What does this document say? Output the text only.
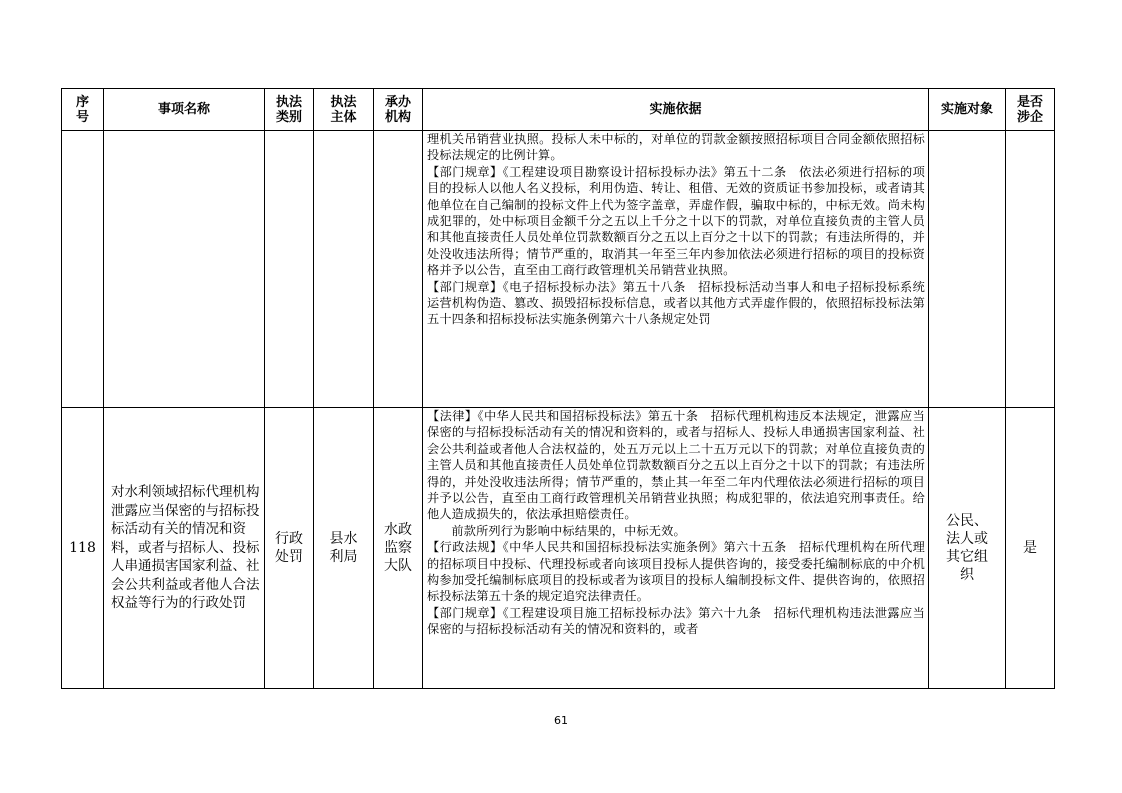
序号	事项名称	执法类别	执法主体	承办机构	实施依据	实施对象	是否涉企

					理机关吊销营业执照。投标人未中标的，对单位的罚款金额按照招标项目合同金额依照招标投标法规定的比例计算。

【部门规章】《工程建设项目勘察设计招标投标办法》第五十二条　依法必须进行招标的项目的投标人以他人名义投标，利用伪造、转让、租借、无效的资质证书参加投标，或者请其他单位在自己编制的投标文件上代为签字盖章，弄虚作假，骗取中标的，中标无效。尚未构成犯罪的，处中标项目金额千分之五以上千分之十以下的罚款，对单位直接负责的主管人员和其他直接责任人员处单位罚款数额百分之五以上百分之十以下的罚款；有违法所得的，并处没收违法所得；情节严重的，取消其一年至三年内参加依法必须进行招标的项目的投标资格并予以公告，直至由工商行政管理机关吊销营业执照。

【部门规章】《电子招标投标办法》第五十八条　招标投标活动当事人和电子招标投标系统运营机构伪造、篡改、损毁招标投标信息，或者以其他方式弄虚作假的，依照招标投标法第五十四条和招标投标法实施条例第六十八条规定处罚		

118	对水利领域招标代理机构泄露应当保密的与招标投标活动有关的情况和资料，或者与招标人、投标人串通损害国家利益、社会公共利益或者他人合法权益等行为的行政处罚	行政处罚	县水利局	水政监察大队	【法律】《中华人民共和国招标投标法》第五十条　招标代理机构违反本法规定，泄露应当保密的与招标投标活动有关的情况和资料的，或者与招标人、投标人串通损害国家利益、社会公共利益或者他人合法权益的，处五万元以上二十五万元以下的罚款；对单位直接负责的主管人员和其他直接责任人员处单位罚款数额百分之五以上百分之十以下的罚款；有违法所得的，并处没收违法所得；情节严重的，禁止其一年至二年内代理依法必须进行招标的项目并予以公告，直至由工商行政管理机关吊销营业执照；构成犯罪的，依法追究刑事责任。给他人造成损失的，依法承担赔偿责任。

前款所列行为影响中标结果的，中标无效。

【行政法规】《中华人民共和国招标投标法实施条例》第六十五条　招标代理机构在所代理的招标项目中投标、代理投标或者向该项目投标人提供咨询的，接受委托编制标底的中介机构参加受托编制标底项目的投标或者为该项目的投标人编制投标文件、提供咨询的，依照招标投标法第五十条的规定追究法律责任。

【部门规章】《工程建设项目施工招标投标办法》第六十九条　招标代理机构违法泄露应当保密的与招标投标活动有关的情况和资料的，或者	公民、法人或其它组织	是
61
